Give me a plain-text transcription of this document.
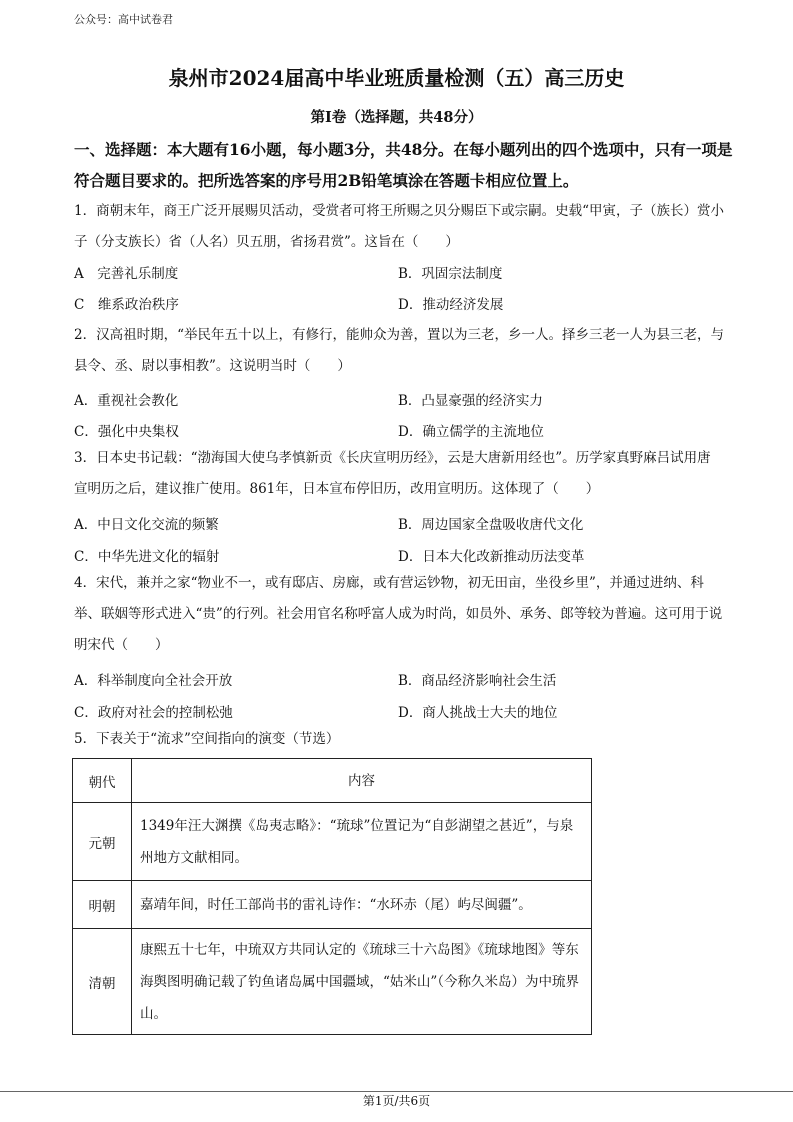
公众号：高中试卷君
泉州市2024届高中毕业班质量检测（五）高三历史
第I卷（选择题，共48分）
一、选择题：本大题有16小题，每小题3分，共48分。在每小题列出的四个选项中，只有一项是符合题目要求的。把所选答案的序号用2B铅笔填涂在答题卡相应位置上。
1．商朝末年，商王广泛开展赐贝活动，受赏者可将王所赐之贝分赐臣下或宗嗣。史载“甲寅，子（族长）赏小子（分支族长）省（人名）贝五朋，省扬君赏”。这旨在（　　）
A　完善礼乐制度	B．巩固宗法制度
C　维系政治秩序	D．推动经济发展
2．汉高祖时期，“举民年五十以上，有修行，能帅众为善，置以为三老，乡一人。择乡三老一人为县三老，与县令、丞、尉以事相教”。这说明当时（　　）
A．重视社会教化	B．凸显豪强的经济实力
C．强化中央集权	D．确立儒学的主流地位
3．日本史书记载：“渤海国大使乌孝慎新贡《长庆宣明历经》，云是大唐新用经也”。历学家真野麻吕试用唐宣明历之后，建议推广使用。861年，日本宣布停旧历，改用宣明历。这体现了（　　）
A．中日文化交流的频繁	B．周边国家全盘吸收唐代文化
C．中华先进文化的辐射	D．日本大化改新推动历法变革
4．宋代，兼并之家“物业不一，或有邸店、房廊，或有营运钞物，初无田亩，坐役乡里”，并通过进纳、科举、联姻等形式进入“贵”的行列。社会用官名称呼富人成为时尚，如员外、承务、郎等较为普遍。这可用于说明宋代（　　）
A．科举制度向全社会开放	B．商品经济影响社会生活
C．政府对社会的控制松弛	D．商人挑战士大夫的地位
5．下表关于“流求”空间指向的演变（节选）
朝代	内容
元朝	1349年汪大渊撰《岛夷志略》：“琉球”位置记为“自彭湖望之甚近”，与泉州地方文献相同。
明朝	嘉靖年间，时任工部尚书的雷礼诗作：“水环赤（尾）屿尽闽疆”。
清朝	康熙五十七年，中琉双方共同认定的《琉球三十六岛图》《琉球地图》等东海舆图明确记载了钓鱼诸岛属中国疆域，“姑米山”（今称久米岛）为中琉界山。
第1页/共6页
